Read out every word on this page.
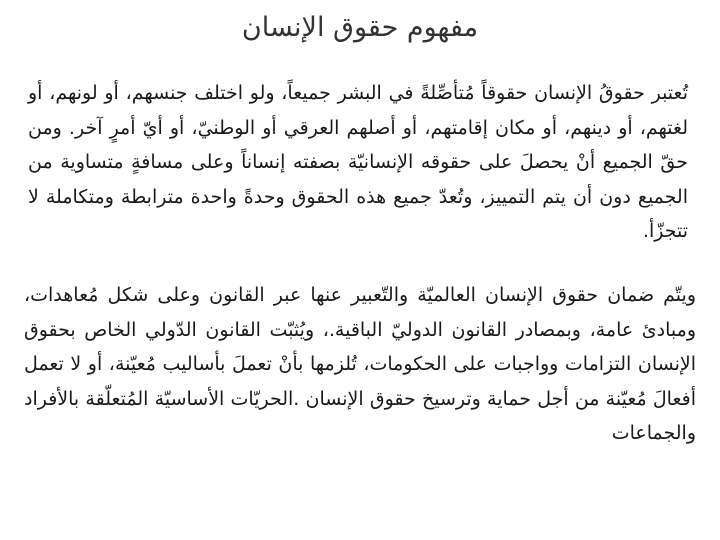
مفهوم حقوق الإنسان

تُعتبر حقوقُ الإنسان حقوقاً مُتأصِّلةً في البشر جميعاً، ولو اختلف جنسهم، أو لونهم، أو لغتهم، أو دينهم، أو مكان إقامتهم، أو أصلهم العرقي أو الوطنيّ، أو أيّ أمرٍ آخر. ومن حقّ الجميع أنْ يحصلَ على حقوقه الإنسانيّة بصفته إنساناً وعلى مسافةٍ متساوية من الجميع دون أن يتم التمييز، وتُعدّ جميع هذه الحقوق وحدةً واحدة مترابطة ومتكاملة لا تتجزّأ.

ويتّم ضمان حقوق الإنسان العالميّة والتّعبير عنها عبر القانون وعلى شكل مُعاهدات، ومبادئ عامة، وبمصادر القانون الدوليّ الباقية.، ويُثبّت القانون الدّولي الخاص بحقوق الإنسان التزامات وواجبات على الحكومات، تُلزمها بأنْ تعملَ بأساليب مُعيّنة، أو لا تعمل أفعالَ مُعيّنة من أجل حماية وترسيخ حقوق الإنسان .الحريّات الأساسيّة المُتعلّقة بالأفراد والجماعات
